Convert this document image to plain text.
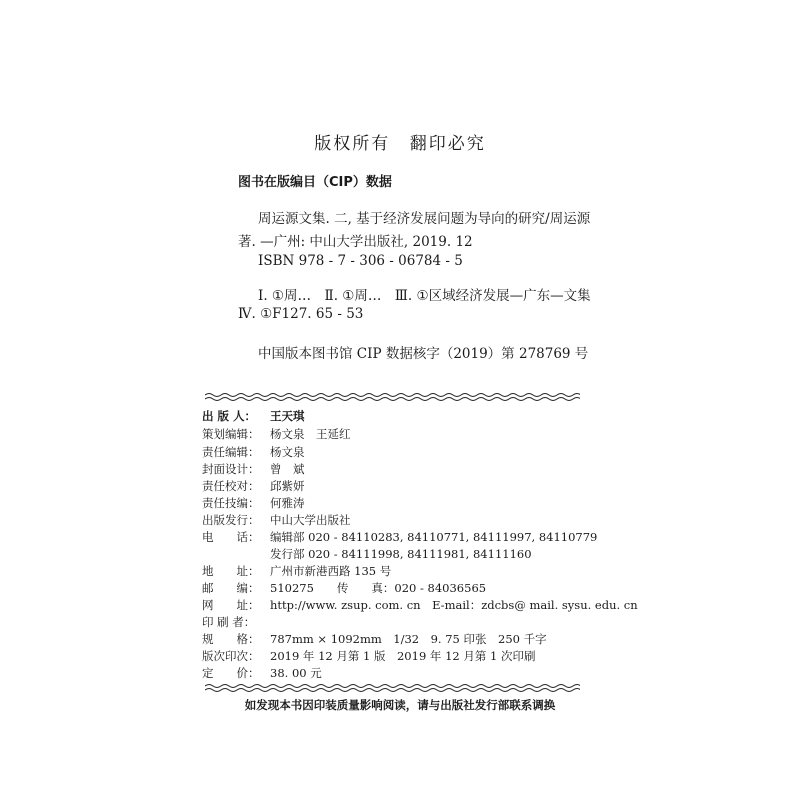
版权所有 翻印必究
图书在版编目（CIP）数据
周运源文集. 二, 基于经济发展问题为导向的研究/周运源
著. —广州: 中山大学出版社, 2019. 12
ISBN 978 - 7 - 306 - 06784 - 5
Ⅰ. ①周…　Ⅱ. ①周…　Ⅲ. ①区域经济发展—广东—文集
Ⅳ. ①F127. 65 - 53
中国版本图书馆 CIP 数据核字（2019）第 278769 号
出 版 人： 王天琪
策划编辑： 杨文泉　王延红
责任编辑： 杨文泉
封面设计： 曾　斌
责任校对： 邱紫妍
责任技编： 何雅涛
出版发行： 中山大学出版社
电　　话： 编辑部 020 - 84110283, 84110771, 84111997, 84110779
发行部 020 - 84111998, 84111981, 84111160
地　　址： 广州市新港西路 135 号
邮　　编： 510275　　传　　真：020 - 84036565
网　　址： http://www. zsup. com. cn　E-mail：zdcbs@ mail. sysu. edu. cn
印 刷 者：
规　　格： 787mm × 1092mm　1/32　9. 75 印张　250 千字
版次印次： 2019 年 12 月第 1 版　2019 年 12 月第 1 次印刷
定　　价： 38. 00 元
如发现本书因印装质量影响阅读，请与出版社发行部联系调换
